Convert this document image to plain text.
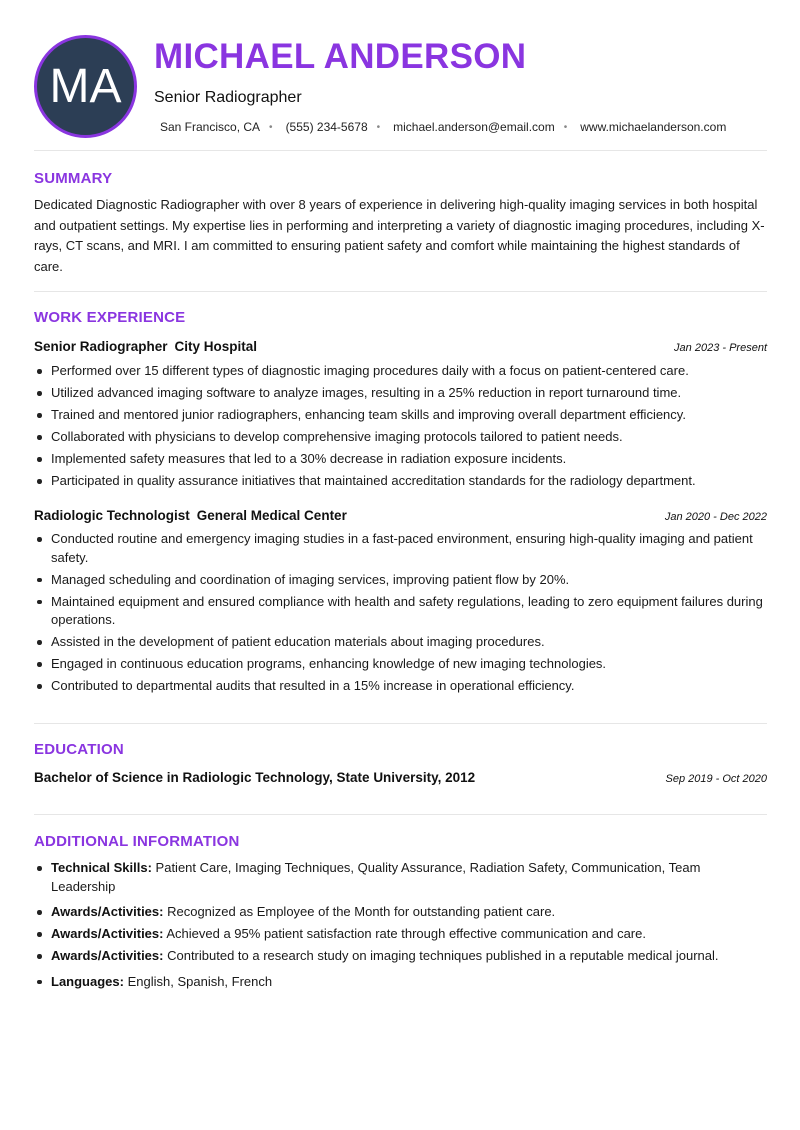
MA
MICHAEL ANDERSON
Senior Radiographer
San Francisco, CA • (555) 234-5678 • michael.anderson@email.com • www.michaelanderson.com
SUMMARY

Dedicated Diagnostic Radiographer with over 8 years of experience in delivering high-quality imaging services in both hospital and outpatient settings. My expertise lies in performing and interpreting a variety of diagnostic imaging procedures, including X-rays, CT scans, and MRI. I am committed to ensuring patient safety and comfort while maintaining the highest standards of care.

WORK EXPERIENCE
Senior Radiographer City Hospital	Jan 2023 - Present
Performed over 15 different types of diagnostic imaging procedures daily with a focus on patient-centered care.
Utilized advanced imaging software to analyze images, resulting in a 25% reduction in report turnaround time.
Trained and mentored junior radiographers, enhancing team skills and improving overall department efficiency.
Collaborated with physicians to develop comprehensive imaging protocols tailored to patient needs.
Implemented safety measures that led to a 30% decrease in radiation exposure incidents.
Participated in quality assurance initiatives that maintained accreditation standards for the radiology department.
Radiologic Technologist General Medical Center	Jan 2020 - Dec 2022
Conducted routine and emergency imaging studies in a fast-paced environment, ensuring high-quality imaging and patient safety.
Managed scheduling and coordination of imaging services, improving patient flow by 20%.
Maintained equipment and ensured compliance with health and safety regulations, leading to zero equipment failures during operations.
Assisted in the development of patient education materials about imaging procedures.
Engaged in continuous education programs, enhancing knowledge of new imaging technologies.
Contributed to departmental audits that resulted in a 15% increase in operational efficiency.
EDUCATION
Bachelor of Science in Radiologic Technology, State University, 2012	Sep 2019 - Oct 2020
ADDITIONAL INFORMATION
Technical Skills: Patient Care, Imaging Techniques, Quality Assurance, Radiation Safety, Communication, Team Leadership
Awards/Activities: Recognized as Employee of the Month for outstanding patient care.
Awards/Activities: Achieved a 95% patient satisfaction rate through effective communication and care.
Awards/Activities: Contributed to a research study on imaging techniques published in a reputable medical journal.
Languages: English, Spanish, French
